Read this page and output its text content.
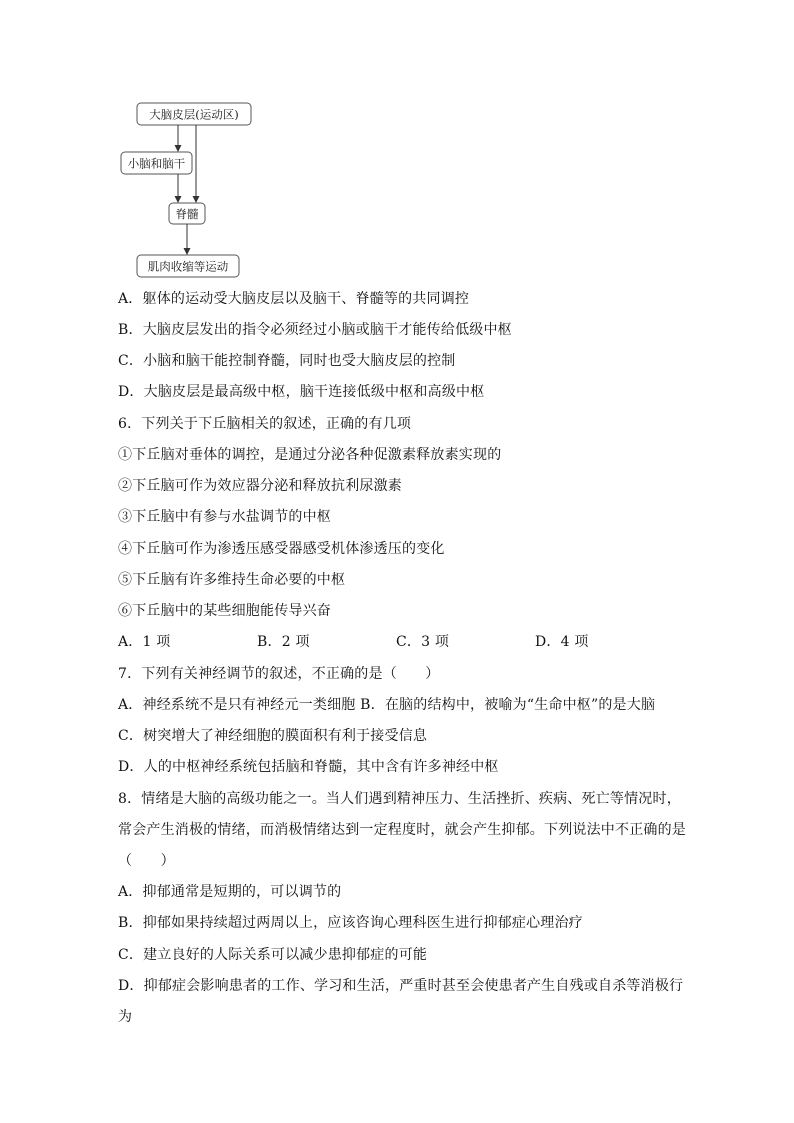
大脑皮层(运动区)
小脑和脑干
脊髓
肌肉收缩等运动
A．躯体的运动受大脑皮层以及脑干、脊髓等的共同调控
B．大脑皮层发出的指令必须经过小脑或脑干才能传给低级中枢
C．小脑和脑干能控制脊髓，同时也受大脑皮层的控制
D．大脑皮层是最高级中枢，脑干连接低级中枢和高级中枢
6．下列关于下丘脑相关的叙述，正确的有几项
①下丘脑对垂体的调控，是通过分泌各种促激素释放素实现的
②下丘脑可作为效应器分泌和释放抗利尿激素
③下丘脑中有参与水盐调节的中枢
④下丘脑可作为渗透压感受器感受机体渗透压的变化
⑤下丘脑有许多维持生命必要的中枢
⑥下丘脑中的某些细胞能传导兴奋
A．1 项	B．2 项	C．3 项	D．4 项
7．下列有关神经调节的叙述，不正确的是（　　）
A．神经系统不是只有神经元一类细胞 B．在脑的结构中，被喻为“生命中枢”的是大脑
C．树突增大了神经细胞的膜面积有利于接受信息
D．人的中枢神经系统包括脑和脊髓，其中含有许多神经中枢
8．情绪是大脑的高级功能之一。当人们遇到精神压力、生活挫折、疾病、死亡等情况时，
常会产生消极的情绪，而消极情绪达到一定程度时，就会产生抑郁。下列说法中不正确的是
（　　）
A．抑郁通常是短期的，可以调节的
B．抑郁如果持续超过两周以上，应该咨询心理科医生进行抑郁症心理治疗
C．建立良好的人际关系可以减少患抑郁症的可能
D．抑郁症会影响患者的工作、学习和生活，严重时甚至会使患者产生自残或自杀等消极行
为
